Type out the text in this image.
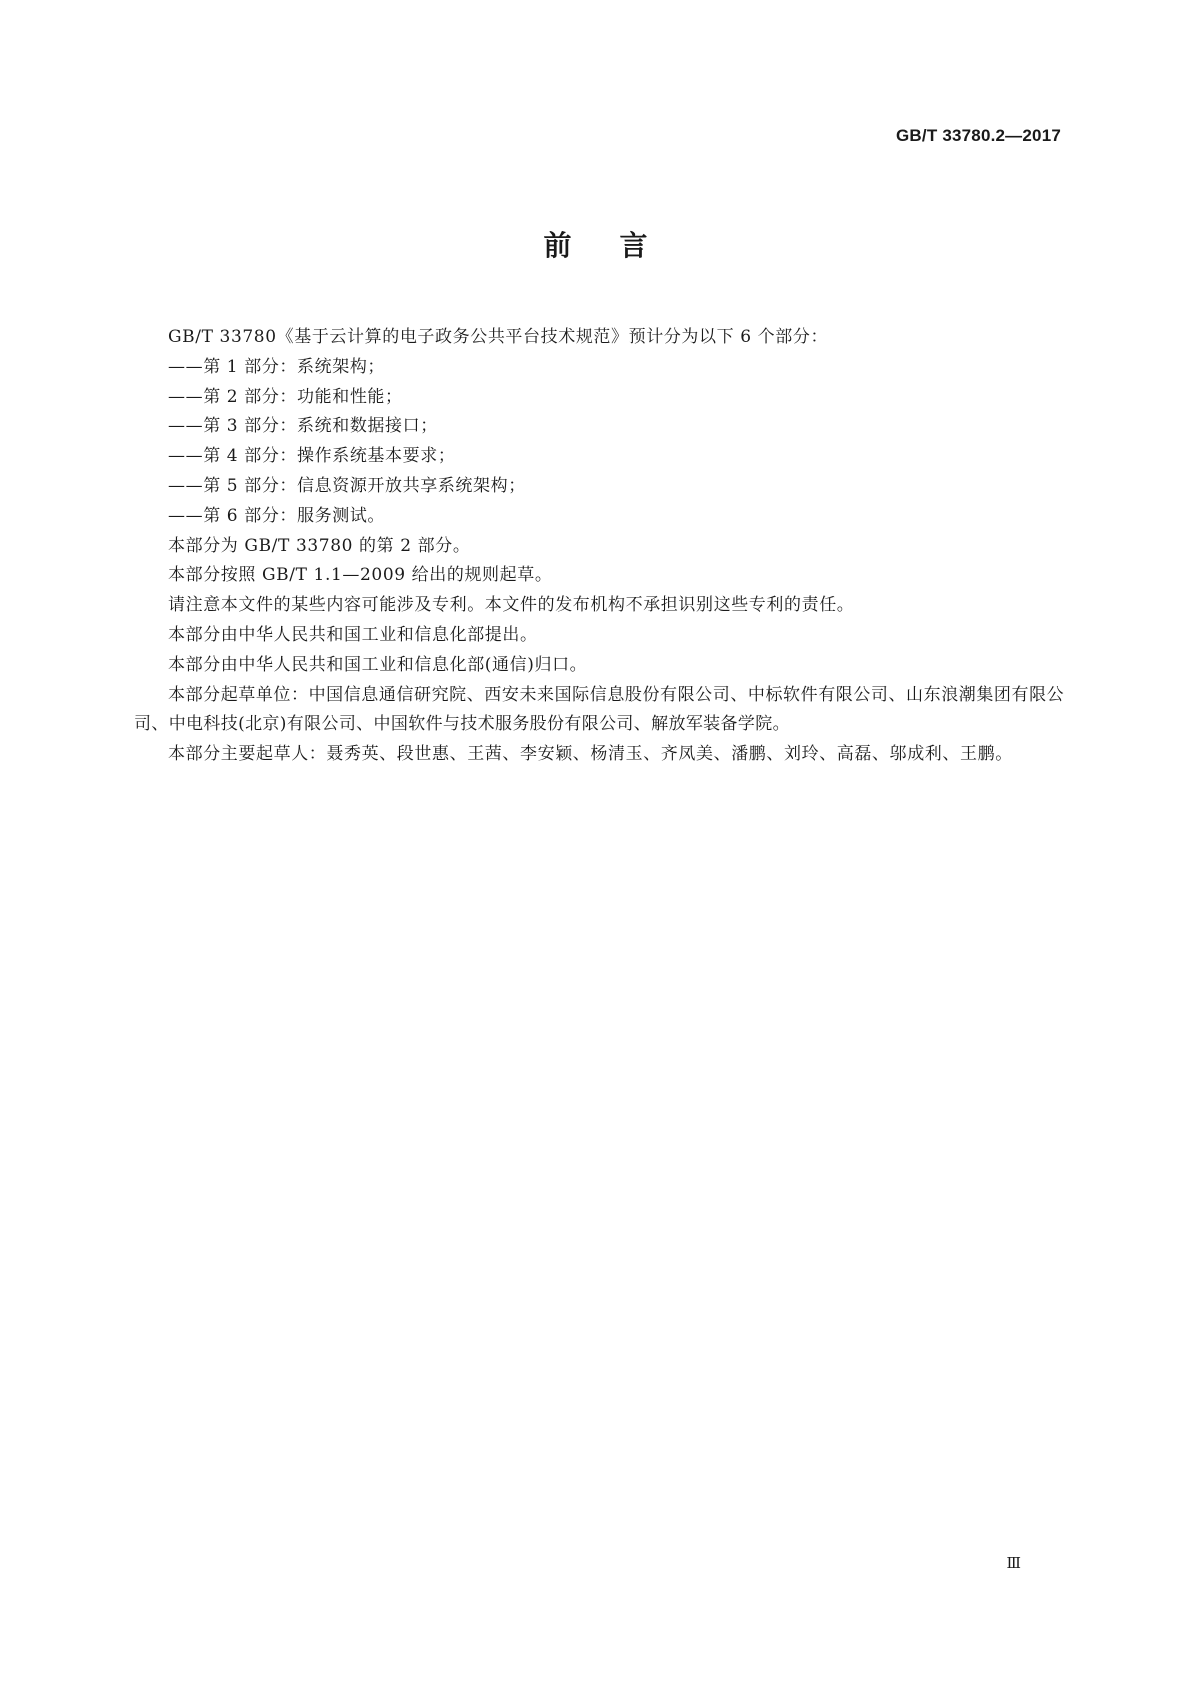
GB/T 33780.2—2017
前言

GB/T 33780《基于云计算的电子政务公共平台技术规范》预计分为以下 6 个部分：

——第 1 部分：系统架构；

——第 2 部分：功能和性能；

——第 3 部分：系统和数据接口；

——第 4 部分：操作系统基本要求；

——第 5 部分：信息资源开放共享系统架构；

——第 6 部分：服务测试。

本部分为 GB/T 33780 的第 2 部分。

本部分按照 GB/T 1.1—2009 给出的规则起草。

请注意本文件的某些内容可能涉及专利。本文件的发布机构不承担识别这些专利的责任。

本部分由中华人民共和国工业和信息化部提出。

本部分由中华人民共和国工业和信息化部(通信)归口。

本部分起草单位：中国信息通信研究院、西安未来国际信息股份有限公司、中标软件有限公司、山东浪潮集团有限公司、中电科技(北京)有限公司、中国软件与技术服务股份有限公司、解放军装备学院。

本部分主要起草人：聂秀英、段世惠、王茜、李安颖、杨清玉、齐凤美、潘鹏、刘玲、高磊、邬成利、王鹏。

Ⅲ
